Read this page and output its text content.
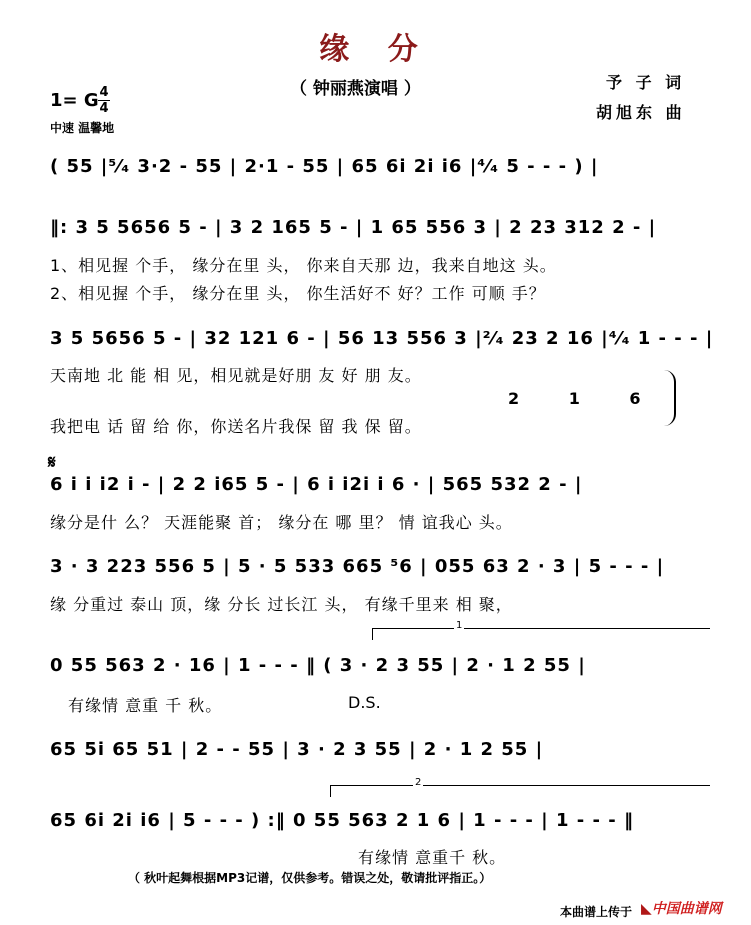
缘 分
（ 钟丽燕演唱 ）	予 子 词
胡旭东 曲
1= G 4
4
中速 温馨地
( 55 |⁵⁄₄ 3·2 - 55 | 2·1 - 55 | 65 6i 2i i6 |⁴⁄₄ 5 - - - ) |
‖: 3 5 5656 5 - | 3 2 165 5 - | 1 65 556 3 | 2 23 312 2 - |
1、相见握 个手， 缘分在里 头， 你来自天那 边，我来自地这 头。
2、相见握 个手， 缘分在里 头， 你生活好不 好？工作 可顺 手？
3 5 5656 5 - | 32 121 6 - | 56 13 556 3 |²⁄₄ 23 2 16 |⁴⁄₄ 1 - - - |
天南地 北 能 相 见，相见就是好朋 友 好 朋 友。
2 1 6
我把电 话 留 给 你，你送名片我保 留 我 保 留。
𝄋
6 i i i2 i - | 2 2 i65 5 - | 6 i i2i i 6 · | 565 532 2 - |
缘分是什 么？ 天涯能聚 首； 缘分在 哪 里？ 情 谊我心 头。
3 · 3 223 556 5 | 5 · 5 533 665 ⁵6 | 055 63 2 · 3 | 5 - - - |
缘 分重过 泰山 顶，缘 分长 过长江 头， 有缘千里来 相 聚，
1
0 55 563 2 · 16 | 1 - - - ‖ ( 3 · 2 3 55 | 2 · 1 2 55 |
有缘情 意重 千 秋。	D.S.
65 5i 65 51 | 2 - - 55 | 3 · 2 3 55 | 2 · 1 2 55 |
2
65 6i 2i i6 | 5 - - - ) :‖ 0 55 563 2 1 6 | 1 - - - | 1 - - - ‖
有缘情 意重千 秋。
（ 秋叶起舞根据MP3记谱，仅供参考。错误之处，敬请批评指正。）
本曲谱上传于 ◣中国曲谱网
